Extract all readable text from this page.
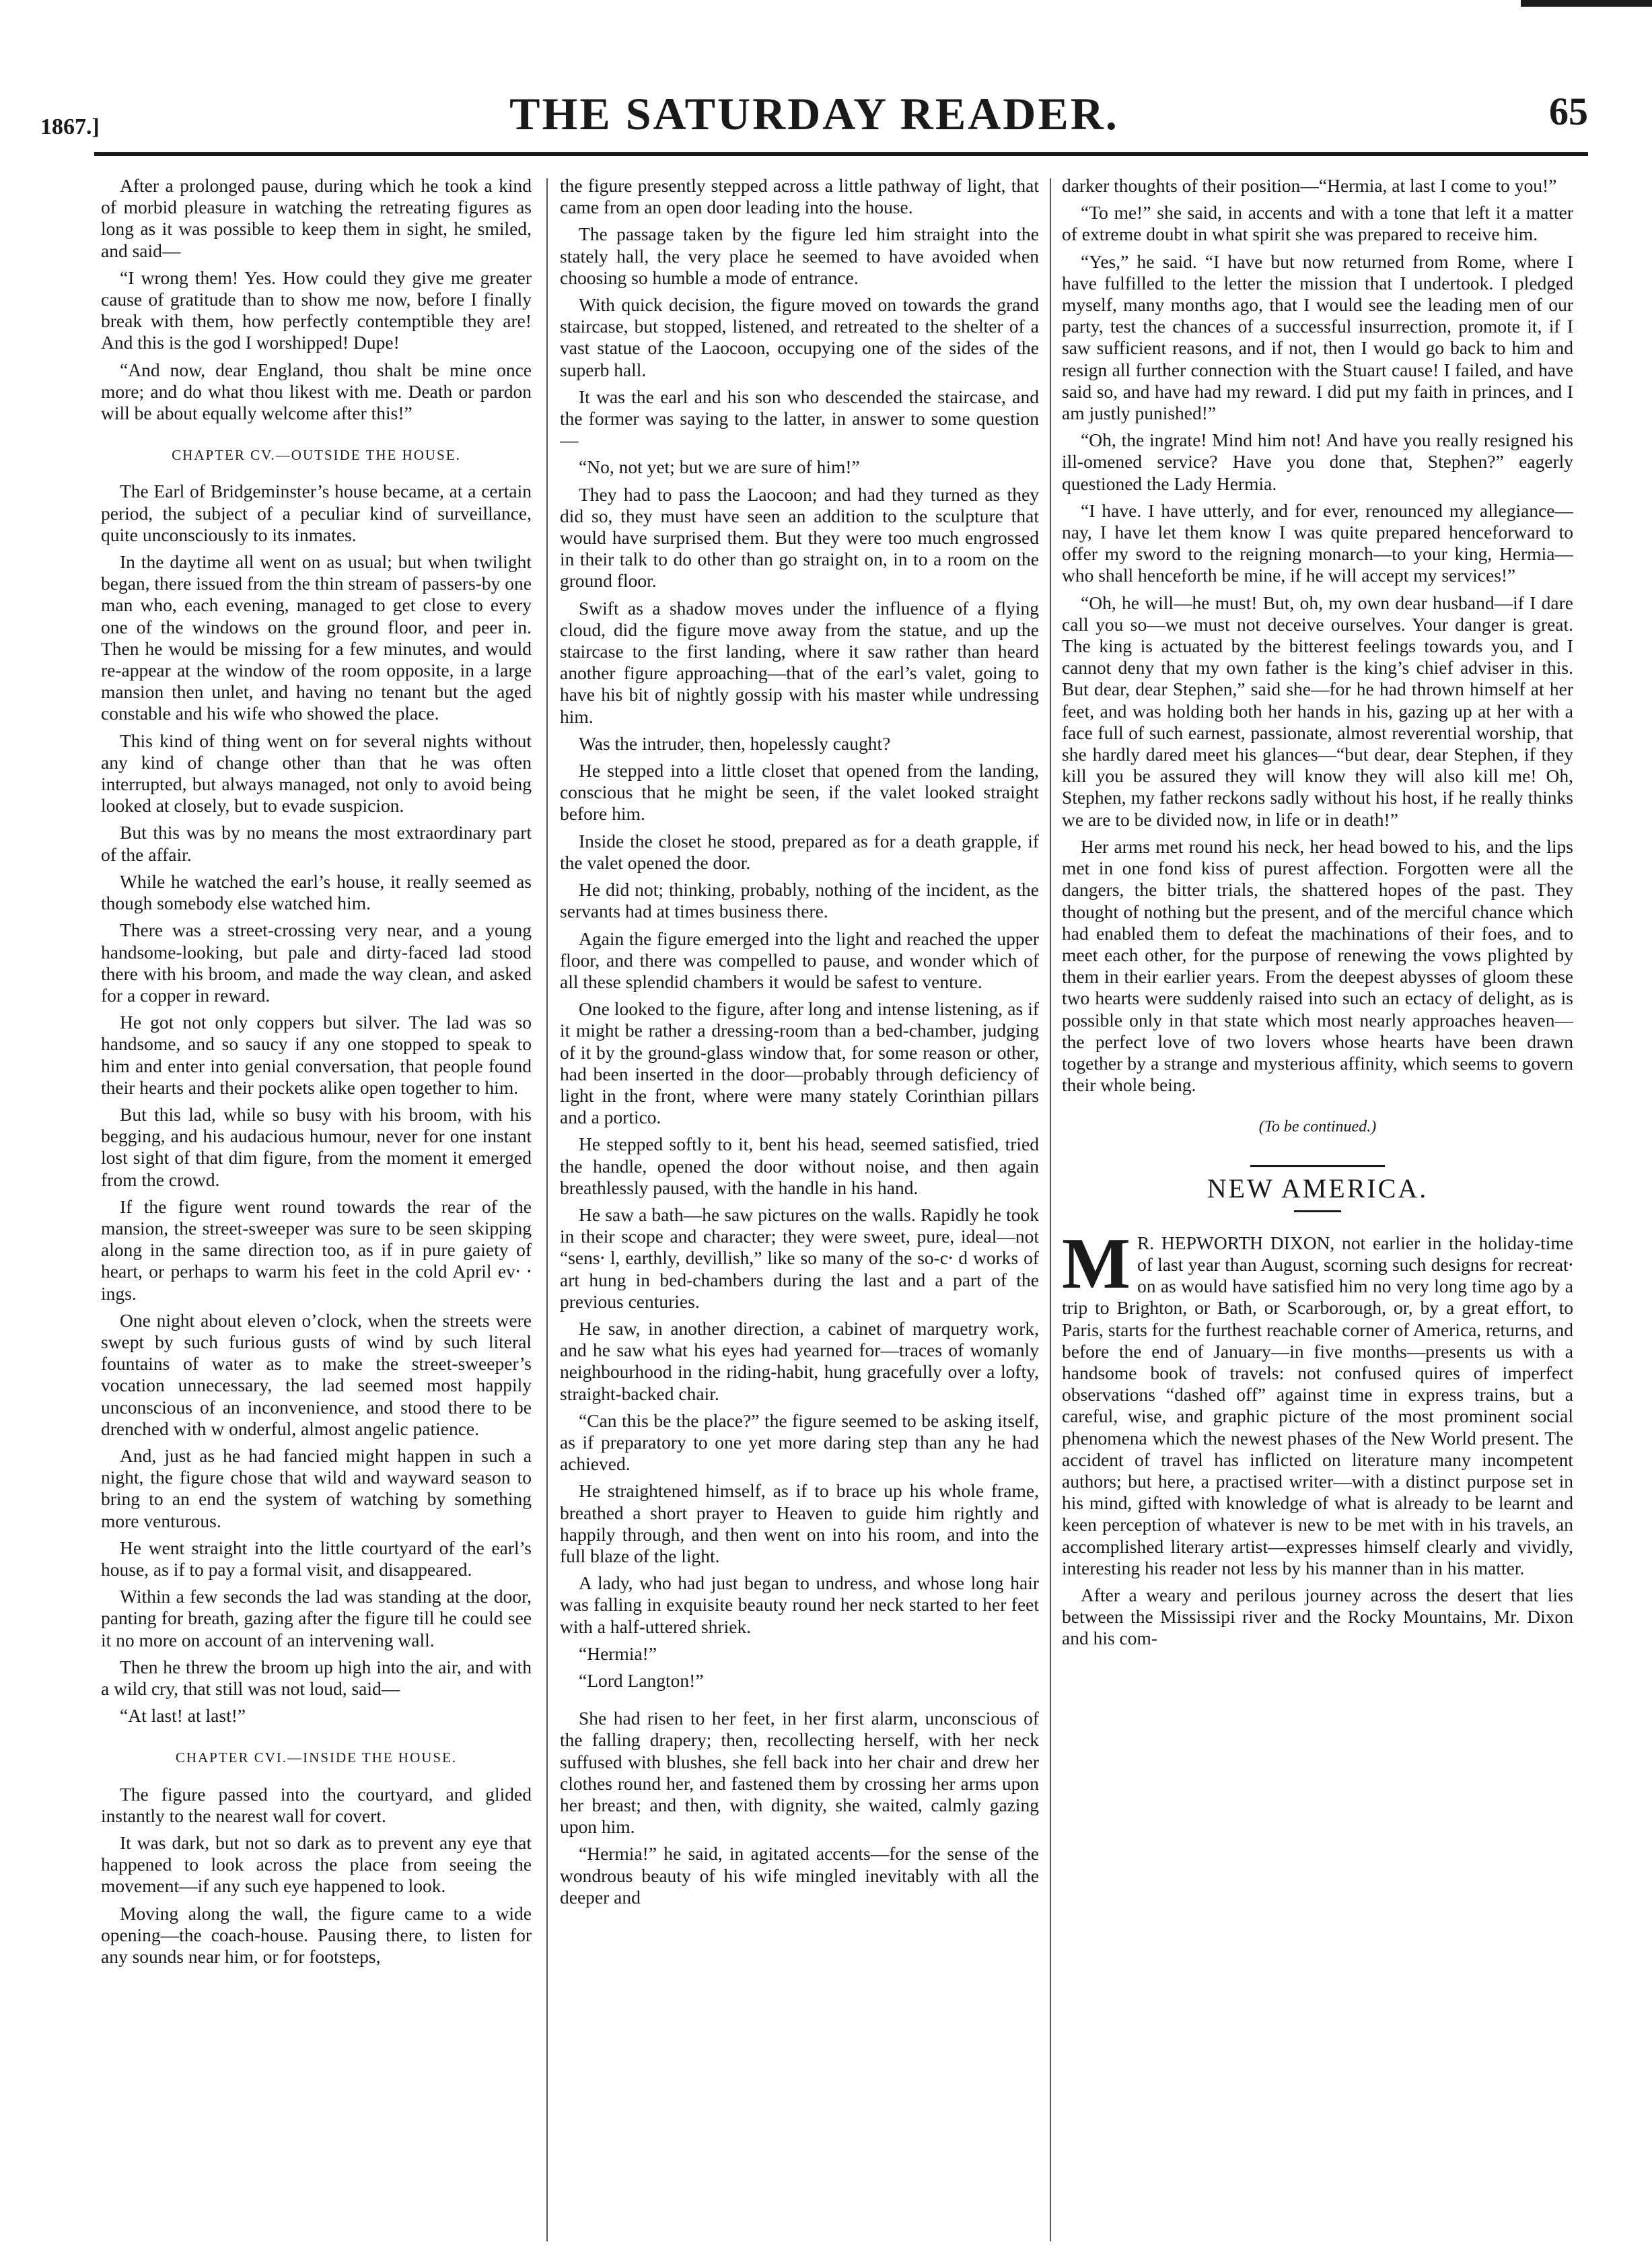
1867.]	THE SATURDAY READER.	65

After a prolonged pause, during which he took a kind of morbid pleasure in watching the retreating figures as long as it was possible to keep them in sight, he smiled, and said—

“I wrong them! Yes. How could they give me greater cause of gratitude than to show me now, before I finally break with them, how perfectly contemptible they are! And this is the god I worshipped! Dupe!

“And now, dear England, thou shalt be mine once more; and do what thou likest with me. Death or pardon will be about equally welcome after this!”

CHAPTER CV.—OUTSIDE THE HOUSE.

The Earl of Bridgeminster’s house became, at a certain period, the subject of a peculiar kind of surveillance, quite unconsciously to its inmates.

In the daytime all went on as usual; but when twilight began, there issued from the thin stream of passers-by one man who, each evening, managed to get close to every one of the windows on the ground floor, and peer in. Then he would be missing for a few minutes, and would re-appear at the window of the room opposite, in a large mansion then unlet, and having no tenant but the aged constable and his wife who showed the place.

This kind of thing went on for several nights without any kind of change other than that he was often interrupted, but always managed, not only to avoid being looked at closely, but to evade suspicion.

But this was by no means the most extraordinary part of the affair.

While he watched the earl’s house, it really seemed as though somebody else watched him.

There was a street-crossing very near, and a young handsome-looking, but pale and dirty-faced lad stood there with his broom, and made the way clean, and asked for a copper in reward.

He got not only coppers but silver. The lad was so handsome, and so saucy if any one stopped to speak to him and enter into genial conversation, that people found their hearts and their pockets alike open together to him.

But this lad, while so busy with his broom, with his begging, and his audacious humour, never for one instant lost sight of that dim figure, from the moment it emerged from the crowd.

If the figure went round towards the rear of the mansion, the street-sweeper was sure to be seen skipping along in the same direction too, as if in pure gaiety of heart, or perhaps to warm his feet in the cold April ev⸱ ⸱ings.

One night about eleven o’clock, when the streets were swept by such furious gusts of wind by such literal fountains of water as to make the street-sweeper’s vocation unnecessary, the lad seemed most happily unconscious of an inconvenience, and stood there to be drenched with w onderful, almost angelic patience.

And, just as he had fancied might happen in such a night, the figure chose that wild and wayward season to bring to an end the system of watching by something more venturous.

He went straight into the little courtyard of the earl’s house, as if to pay a formal visit, and disappeared.

Within a few seconds the lad was standing at the door, panting for breath, gazing after the figure till he could see it no more on account of an intervening wall.

Then he threw the broom up high into the air, and with a wild cry, that still was not loud, said—

“At last! at last!”

CHAPTER CVI.—INSIDE THE HOUSE.

The figure passed into the courtyard, and glided instantly to the nearest wall for covert.

It was dark, but not so dark as to prevent any eye that happened to look across the place from seeing the movement—if any such eye happened to look.

Moving along the wall, the figure came to a wide opening—the coach-house. Pausing there, to listen for any sounds near him, or for footsteps,

the figure presently stepped across a little pathway of light, that came from an open door leading into the house.

The passage taken by the figure led him straight into the stately hall, the very place he seemed to have avoided when choosing so humble a mode of entrance.

With quick decision, the figure moved on towards the grand staircase, but stopped, listened, and retreated to the shelter of a vast statue of the Laocoon, occupying one of the sides of the superb hall.

It was the earl and his son who descended the staircase, and the former was saying to the latter, in answer to some question—

“No, not yet; but we are sure of him!”

They had to pass the Laocoon; and had they turned as they did so, they must have seen an addition to the sculpture that would have surprised them. But they were too much engrossed in their talk to do other than go straight on, in to a room on the ground floor.

Swift as a shadow moves under the influence of a flying cloud, did the figure move away from the statue, and up the staircase to the first landing, where it saw rather than heard another figure approaching—that of the earl’s valet, going to have his bit of nightly gossip with his master while undressing him.

Was the intruder, then, hopelessly caught?

He stepped into a little closet that opened from the landing, conscious that he might be seen, if the valet looked straight before him.

Inside the closet he stood, prepared as for a death grapple, if the valet opened the door.

He did not; thinking, probably, nothing of the incident, as the servants had at times business there.

Again the figure emerged into the light and reached the upper floor, and there was compelled to pause, and wonder which of all these splendid chambers it would be safest to venture.

One looked to the figure, after long and intense listening, as if it might be rather a dressing-room than a bed-chamber, judging of it by the ground-glass window that, for some reason or other, had been inserted in the door—probably through deficiency of light in the front, where were many stately Corinthian pillars and a portico.

He stepped softly to it, bent his head, seemed satisfied, tried the handle, opened the door without noise, and then again breathlessly paused, with the handle in his hand.

He saw a bath—he saw pictures on the walls. Rapidly he took in their scope and character; they were sweet, pure, ideal—not “sens⸱ l, earthly, devillish,” like so many of the so-c⸱ d works of art hung in bed-chambers during the last and a part of the previous centuries.

He saw, in another direction, a cabinet of marquetry work, and he saw what his eyes had yearned for—traces of womanly neighbourhood in the riding-habit, hung gracefully over a lofty, straight-backed chair.

“Can this be the place?” the figure seemed to be asking itself, as if preparatory to one yet more daring step than any he had achieved.

He straightened himself, as if to brace up his whole frame, breathed a short prayer to Heaven to guide him rightly and happily through, and then went on into his room, and into the full blaze of the light.

A lady, who had just began to undress, and whose long hair was falling in exquisite beauty round her neck started to her feet with a half-uttered shriek.

“Hermia!”

“Lord Langton!”

She had risen to her feet, in her first alarm, unconscious of the falling drapery; then, recollecting herself, with her neck suffused with blushes, she fell back into her chair and drew her clothes round her, and fastened them by crossing her arms upon her breast; and then, with dignity, she waited, calmly gazing upon him.

“Hermia!” he said, in agitated accents—for the sense of the wondrous beauty of his wife mingled inevitably with all the deeper and

darker thoughts of their position—“Hermia, at last I come to you!”

“To me!” she said, in accents and with a tone that left it a matter of extreme doubt in what spirit she was prepared to receive him.

“Yes,” he said. “I have but now returned from Rome, where I have fulfilled to the letter the mission that I undertook. I pledged myself, many months ago, that I would see the leading men of our party, test the chances of a successful insurrection, promote it, if I saw sufficient reasons, and if not, then I would go back to him and resign all further connection with the Stuart cause! I failed, and have said so, and have had my reward. I did put my faith in princes, and I am justly punished!”

“Oh, the ingrate! Mind him not! And have you really resigned his ill-omened service? Have you done that, Stephen?” eagerly questioned the Lady Hermia.

“I have. I have utterly, and for ever, renounced my allegiance—nay, I have let them know I was quite prepared henceforward to offer my sword to the reigning monarch—to your king, Hermia—who shall henceforth be mine, if he will accept my services!”

“Oh, he will—he must! But, oh, my own dear husband—if I dare call you so—we must not deceive ourselves. Your danger is great. The king is actuated by the bitterest feelings towards you, and I cannot deny that my own father is the king’s chief adviser in this. But dear, dear Stephen,” said she—for he had thrown himself at her feet, and was holding both her hands in his, gazing up at her with a face full of such earnest, passionate, almost reverential worship, that she hardly dared meet his glances—“but dear, dear Stephen, if they kill you be assured they will know they will also kill me! Oh, Stephen, my father reckons sadly without his host, if he really thinks we are to be divided now, in life or in death!”

Her arms met round his neck, her head bowed to his, and the lips met in one fond kiss of purest affection. Forgotten were all the dangers, the bitter trials, the shattered hopes of the past. They thought of nothing but the present, and of the merciful chance which had enabled them to defeat the machinations of their foes, and to meet each other, for the purpose of renewing the vows plighted by them in their earlier years. From the deepest abysses of gloom these two hearts were suddenly raised into such an ectacy of delight, as is possible only in that state which most nearly approaches heaven—the perfect love of two lovers whose hearts have been drawn together by a strange and mysterious affinity, which seems to govern their whole being.

(To be continued.)
NEW AMERICA.

M R. HEPWORTH DIXON, not earlier in the holiday-time of last year than August, scorning such designs for recreat⸱on as would have satisfied him no very long time ago by a trip to Brighton, or Bath, or Scarborough, or, by a great effort, to Paris, starts for the furthest reachable corner of America, returns, and before the end of January—in five months—presents us with a handsome book of travels: not confused quires of imperfect observations “dashed off” against time in express trains, but a careful, wise, and graphic picture of the most prominent social phenomena which the newest phases of the New World present. The accident of travel has inflicted on literature many incompetent authors; but here, a practised writer—with a distinct purpose set in his mind, gifted with knowledge of what is already to be learnt and keen perception of whatever is new to be met with in his travels, an accomplished literary artist—expresses himself clearly and vividly, interesting his reader not less by his manner than in his matter.

After a weary and perilous journey across the desert that lies between the Mississipi river and the Rocky Mountains, Mr. Dixon and his com-
